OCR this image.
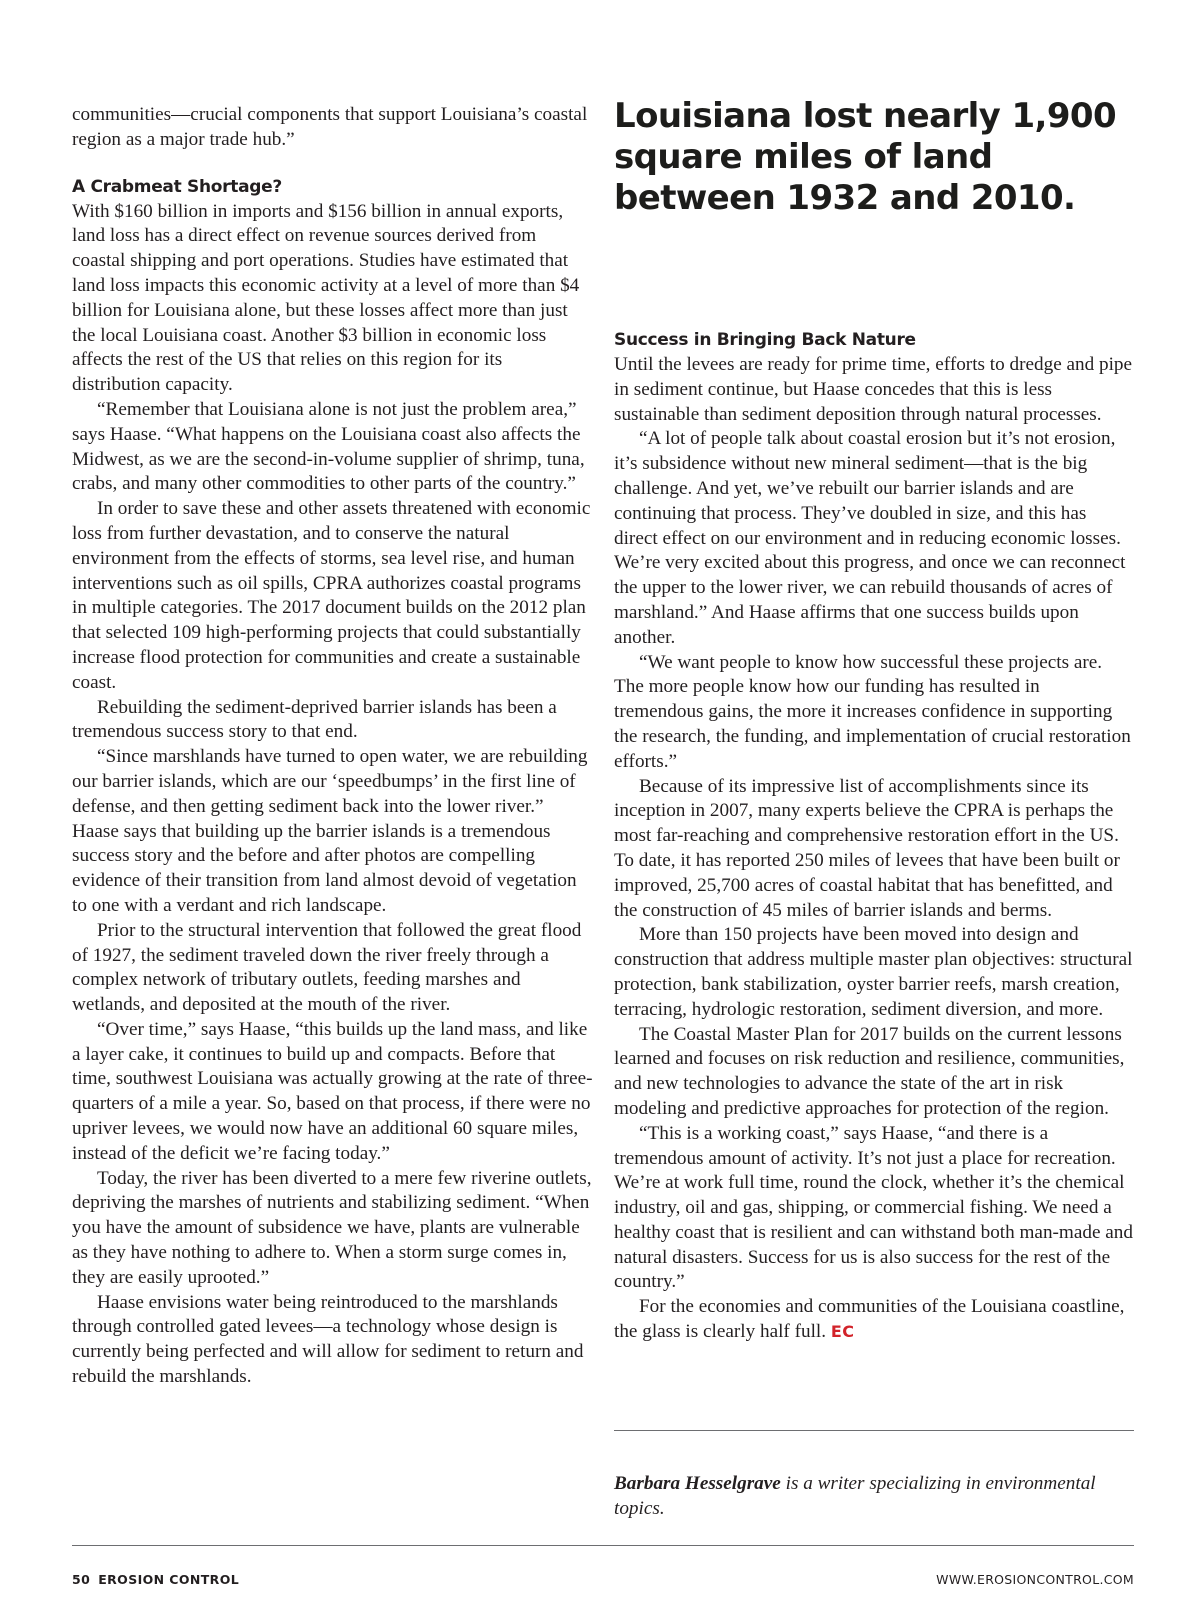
communities—crucial components that support Louisiana’s coastal region as a major trade hub.”

A Crabmeat Shortage?

With $160 billion in imports and $156 billion in annual exports, land loss has a direct effect on revenue sources derived from coastal shipping and port operations. Studies have estimated that land loss impacts this economic activity at a level of more than $4 billion for Louisiana alone, but these losses affect more than just the local Louisiana coast. Another $3 billion in economic loss affects the rest of the US that relies on this region for its distribution capacity.

“Remember that Louisiana alone is not just the problem area,” says Haase. “What happens on the Louisiana coast also affects the Midwest, as we are the second-in-volume supplier of shrimp, tuna, crabs, and many other commodities to other parts of the country.”

In order to save these and other assets threatened with economic loss from further devastation, and to conserve the natural environment from the effects of storms, sea level rise, and human interventions such as oil spills, CPRA authorizes coastal programs in multiple categories. The 2017 document builds on the 2012 plan that selected 109 high-performing projects that could substantially increase flood protection for communities and create a sustainable coast.

Rebuilding the sediment-deprived barrier islands has been a tremendous success story to that end.

“Since marshlands have turned to open water, we are rebuilding our barrier islands, which are our ‘speedbumps’ in the first line of defense, and then getting sediment back into the lower river.” Haase says that building up the barrier islands is a tremendous success story and the before and after photos are compelling evidence of their transition from land almost devoid of vegetation to one with a verdant and rich landscape.

Prior to the structural intervention that followed the great flood of 1927, the sediment traveled down the river freely through a complex network of tributary outlets, feeding marshes and wetlands, and deposited at the mouth of the river.

“Over time,” says Haase, “this builds up the land mass, and like a layer cake, it continues to build up and compacts. Before that time, southwest Louisiana was actually growing at the rate of three-quarters of a mile a year. So, based on that process, if there were no upriver levees, we would now have an additional 60 square miles, instead of the deficit we’re facing today.”

Today, the river has been diverted to a mere few riverine outlets, depriving the marshes of nutrients and stabilizing sediment. “When you have the amount of subsidence we have, plants are vulnerable as they have nothing to adhere to. When a storm surge comes in, they are easily uprooted.”

Haase envisions water being reintroduced to the marshlands through controlled gated levees—a technology whose design is currently being perfected and will allow for sediment to return and rebuild the marshlands.

Louisiana lost nearly 1,900 square miles of land between 1932 and 2010.
Success in Bringing Back Nature

Until the levees are ready for prime time, efforts to dredge and pipe in sediment continue, but Haase concedes that this is less sustainable than sediment deposition through natural processes.

“A lot of people talk about coastal erosion but it’s not erosion, it’s subsidence without new mineral sediment—that is the big challenge. And yet, we’ve rebuilt our barrier islands and are continuing that process. They’ve doubled in size, and this has direct effect on our environment and in reducing economic losses. We’re very excited about this progress, and once we can reconnect the upper to the lower river, we can rebuild thousands of acres of marshland.” And Haase affirms that one success builds upon another.

“We want people to know how successful these projects are. The more people know how our funding has resulted in tremendous gains, the more it increases confidence in supporting the research, the funding, and implementation of crucial restoration efforts.”

Because of its impressive list of accomplishments since its inception in 2007, many experts believe the CPRA is perhaps the most far-reaching and comprehensive restoration effort in the US. To date, it has reported 250 miles of levees that have been built or improved, 25,700 acres of coastal habitat that has benefitted, and the construction of 45 miles of barrier islands and berms.

More than 150 projects have been moved into design and construction that address multiple master plan objectives: structural protection, bank stabilization, oyster barrier reefs, marsh creation, terracing, hydrologic restoration, sediment diversion, and more.

The Coastal Master Plan for 2017 builds on the current lessons learned and focuses on risk reduction and resilience, communities, and new technologies to advance the state of the art in risk modeling and predictive approaches for protection of the region.

“This is a working coast,” says Haase, “and there is a tremendous amount of activity. It’s not just a place for recreation. We’re at work full time, round the clock, whether it’s the chemical industry, oil and gas, shipping, or commercial fishing. We need a healthy coast that is resilient and can withstand both man-made and natural disasters. Success for us is also success for the rest of the country.”

For the economies and communities of the Louisiana coastline, the glass is clearly half full. EC

Barbara Hesselgrave is a writer specializing in environmental topics.

50 EROSION CONTROL	WWW.EROSIONCONTROL.COM
